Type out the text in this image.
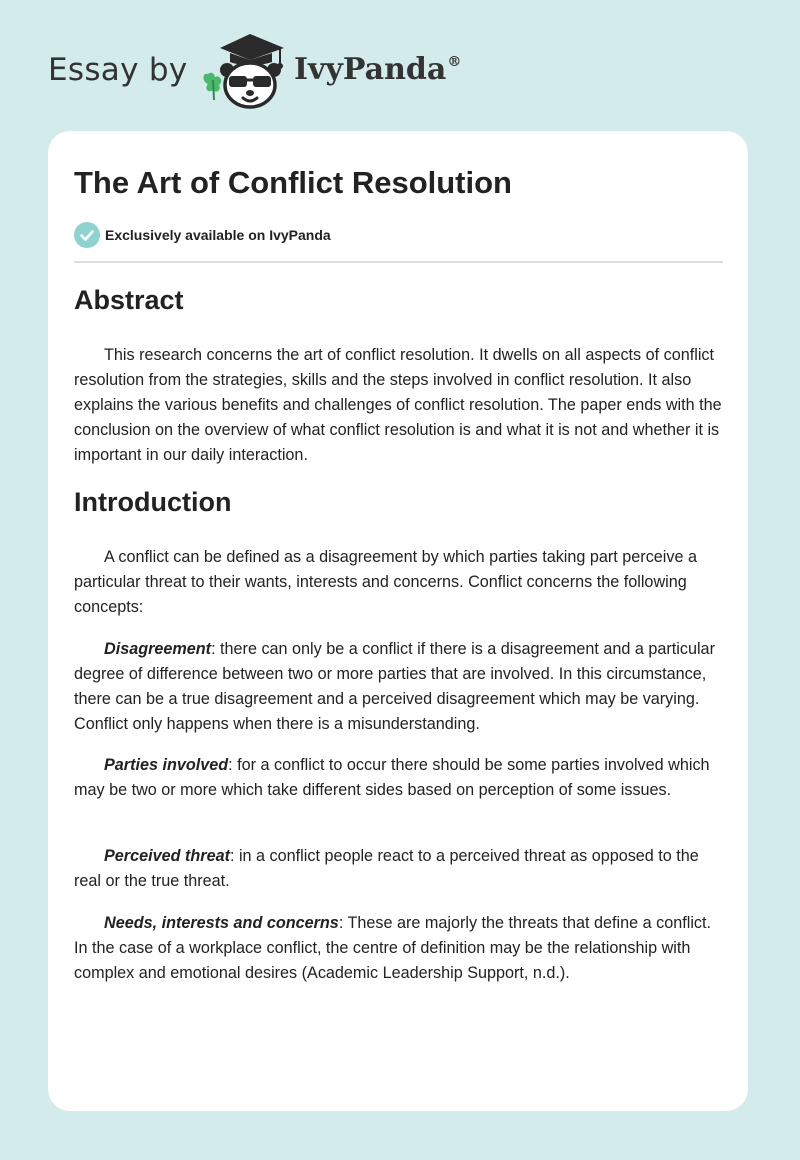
Essay by	IvyPanda®
The Art of Conflict Resolution
Exclusively available on IvyPanda
Abstract

This research concerns the art of conflict resolution. It dwells on all aspects of conflict resolution from the strategies, skills and the steps involved in conflict resolution. It also explains the various benefits and challenges of conflict resolution. The paper ends with the conclusion on the overview of what conflict resolution is and what it is not and whether it is important in our daily interaction.

Introduction

A conflict can be defined as a disagreement by which parties taking part perceive a particular threat to their wants, interests and concerns. Conflict concerns the following concepts:

Disagreement: there can only be a conflict if there is a disagreement and a particular degree of difference between two or more parties that are involved. In this circumstance, there can be a true disagreement and a perceived disagreement which may be varying. Conflict only happens when there is a misunderstanding.

Parties involved: for a conflict to occur there should be some parties involved which may be two or more which take different sides based on perception of some issues.

Perceived threat: in a conflict people react to a perceived threat as opposed to the real or the true threat.

Needs, interests and concerns: These are majorly the threats that define a conflict. In the case of a workplace conflict, the centre of definition may be the relationship with complex and emotional desires (Academic Leadership Support, n.d.).
